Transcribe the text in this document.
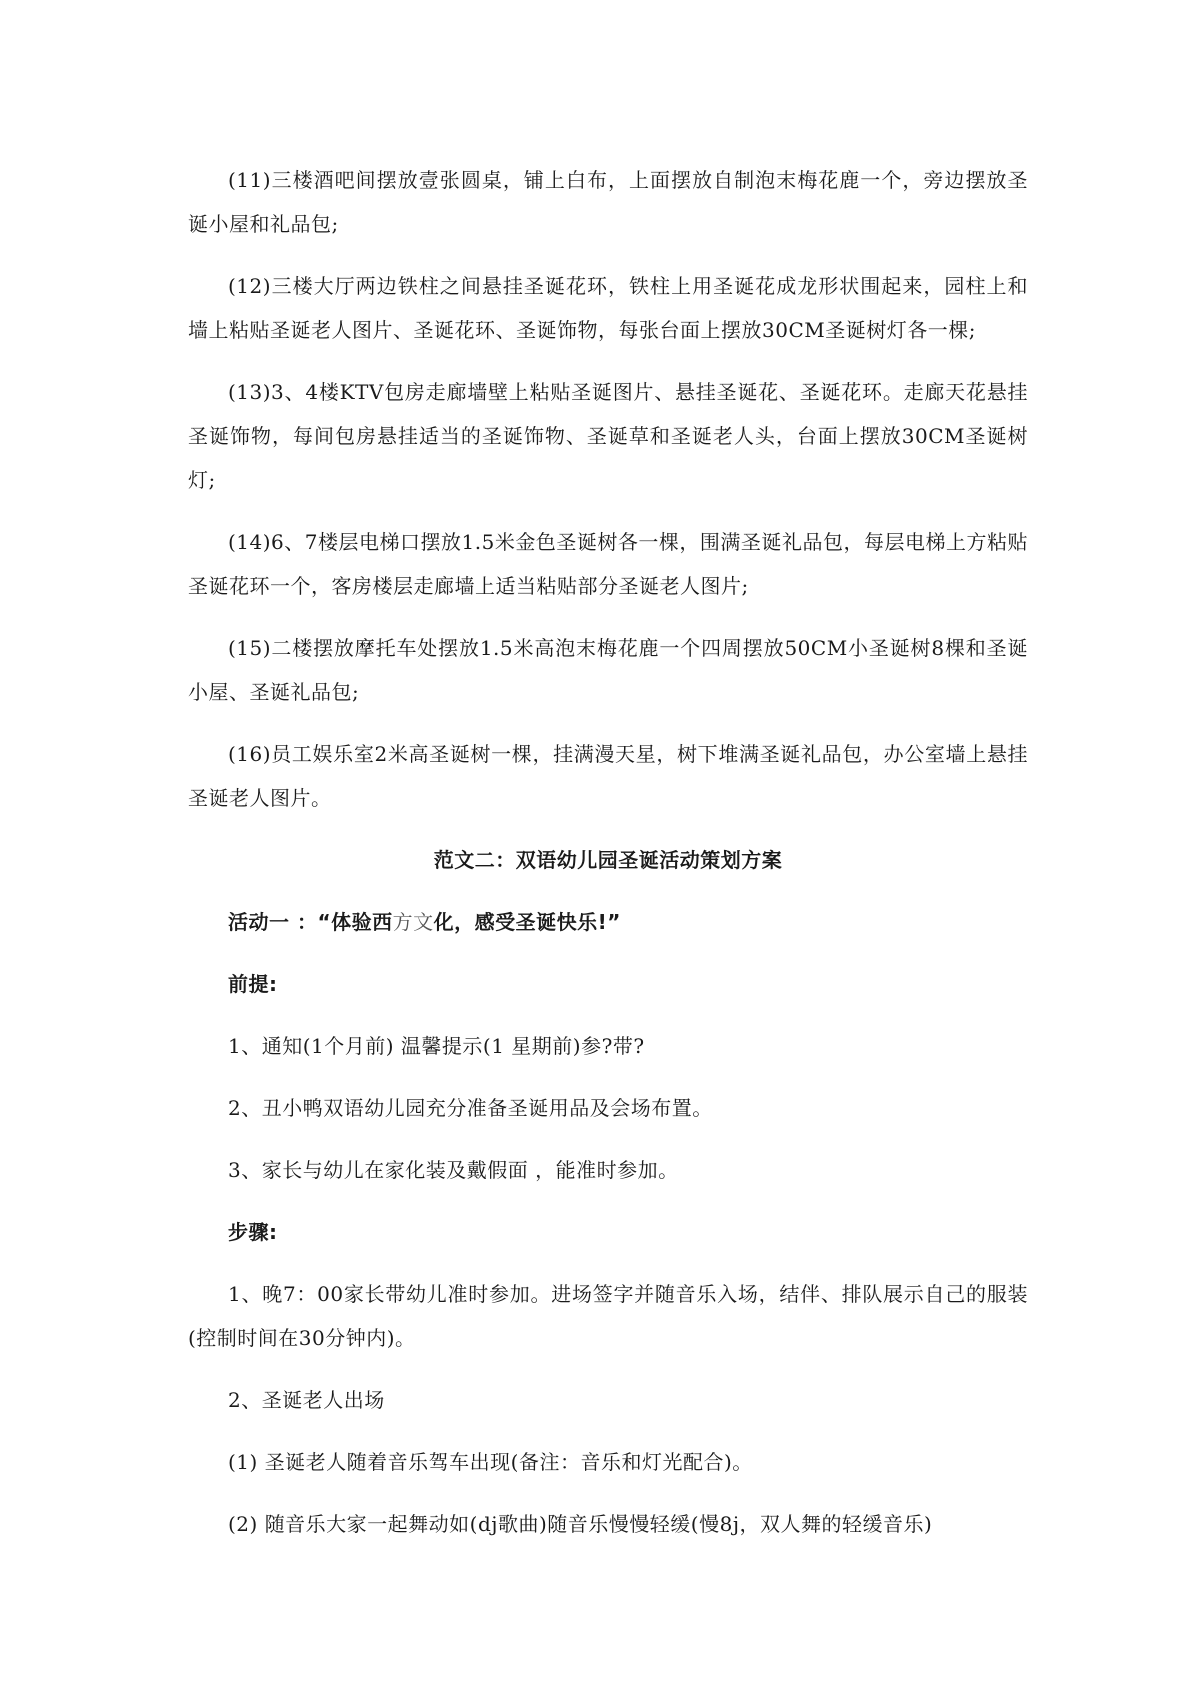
(11)三楼酒吧间摆放壹张圆桌，铺上白布，上面摆放自制泡末梅花鹿一个，旁边摆放圣诞小屋和礼品包;

(12)三楼大厅两边铁柱之间悬挂圣诞花环，铁柱上用圣诞花成龙形状围起来，园柱上和墙上粘贴圣诞老人图片、圣诞花环、圣诞饰物，每张台面上摆放30CM圣诞树灯各一棵;

(13)3、4楼KTV包房走廊墙壁上粘贴圣诞图片、悬挂圣诞花、圣诞花环。走廊天花悬挂圣诞饰物，每间包房悬挂适当的圣诞饰物、圣诞草和圣诞老人头，台面上摆放30CM圣诞树灯;

(14)6、7楼层电梯口摆放1.5米金色圣诞树各一棵，围满圣诞礼品包，每层电梯上方粘贴圣诞花环一个，客房楼层走廊墙上适当粘贴部分圣诞老人图片;

(15)二楼摆放摩托车处摆放1.5米高泡末梅花鹿一个四周摆放50CM小圣诞树8棵和圣诞小屋、圣诞礼品包;

(16)员工娱乐室2米高圣诞树一棵，挂满漫天星，树下堆满圣诞礼品包，办公室墙上悬挂圣诞老人图片。

范文二：双语幼儿园圣诞活动策划方案

活动一 ：“体验西方文化，感受圣诞快乐!”

前提:

1、通知(1个月前) 温馨提示(1 星期前)参?带?

2、丑小鸭双语幼儿园充分准备圣诞用品及会场布置。

3、家长与幼儿在家化装及戴假面 ，能准时参加。

步骤:

1、晚7：00家长带幼儿准时参加。进场签字并随音乐入场，结伴、排队展示自己的服装(控制时间在30分钟内)。

2、圣诞老人出场

(1) 圣诞老人随着音乐驾车出现(备注：音乐和灯光配合)。

(2) 随音乐大家一起舞动如(dj歌曲)随音乐慢慢轻缓(慢8j，双人舞的轻缓音乐)
